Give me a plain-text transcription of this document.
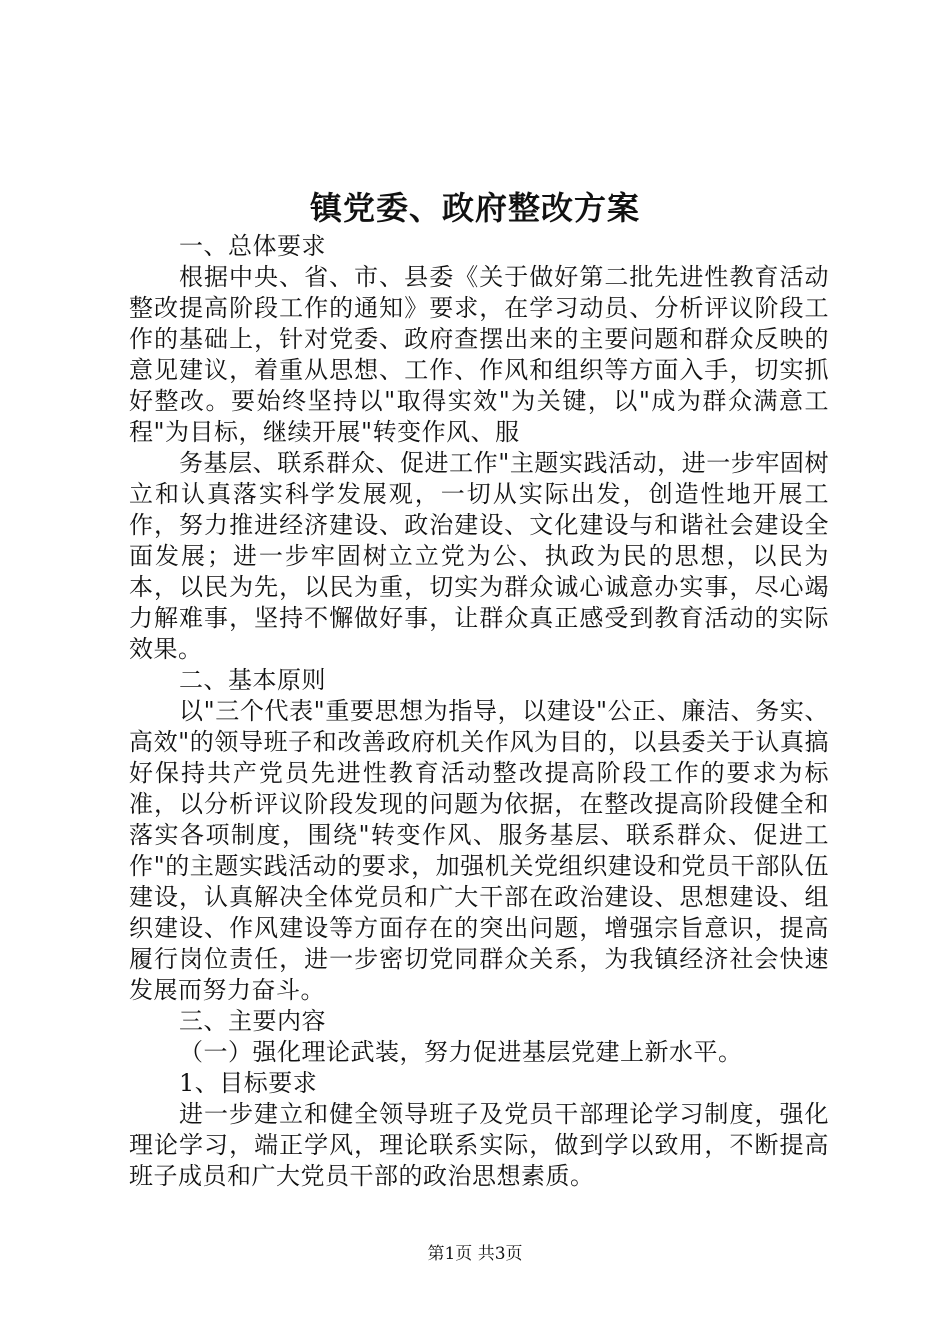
镇党委、政府整改方案
一、总体要求
根据中央、省、市、县委《关于做好第二批先进性教育活动整改提高阶段工作的通知》要求，在学习动员、分析评议阶段工作的基础上，针对党委、政府查摆出来的主要问题和群众反映的意见建议，着重从思想、工作、作风和组织等方面入手，切实抓好整改。要始终坚持以"取得实效"为关键，以"成为群众满意工程"为目标，继续开展"转变作风、服
务基层、联系群众、促进工作"主题实践活动，进一步牢固树立和认真落实科学发展观，一切从实际出发，创造性地开展工作，努力推进经济建设、政治建设、文化建设与和谐社会建设全面发展；进一步牢固树立立党为公、执政为民的思想，以民为本，以民为先，以民为重，切实为群众诚心诚意办实事，尽心竭力解难事，坚持不懈做好事，让群众真正感受到教育活动的实际效果。
二、基本原则
以"三个代表"重要思想为指导，以建设"公正、廉洁、务实、高效"的领导班子和改善政府机关作风为目的，以县委关于认真搞好保持共产党员先进性教育活动整改提高阶段工作的要求为标准，以分析评议阶段发现的问题为依据，在整改提高阶段健全和落实各项制度，围绕"转变作风、服务基层、联系群众、促进工作"的主题实践活动的要求，加强机关党组织建设和党员干部队伍建设，认真解决全体党员和广大干部在政治建设、思想建设、组织建设、作风建设等方面存在的突出问题，增强宗旨意识，提高履行岗位责任，进一步密切党同群众关系，为我镇经济社会快速发展而努力奋斗。
三、主要内容
（一）强化理论武装，努力促进基层党建上新水平。
1、目标要求
进一步建立和健全领导班子及党员干部理论学习制度，强化理论学习，端正学风，理论联系实际，做到学以致用，不断提高班子成员和广大党员干部的政治思想素质。
第1页 共3页
